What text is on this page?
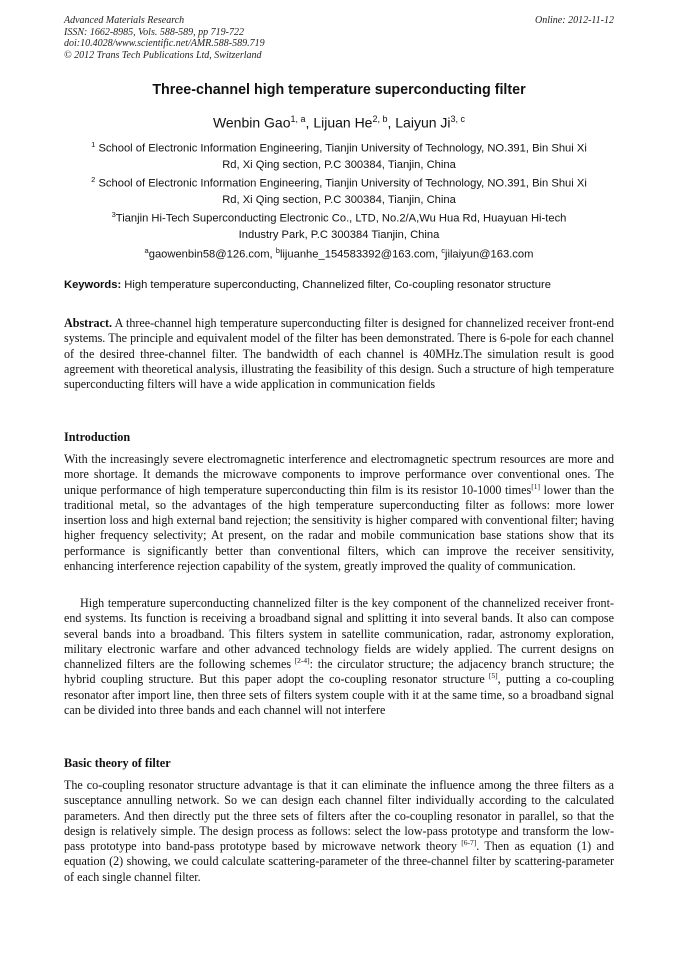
Advanced Materials Research
ISSN: 1662-8985, Vols. 588-589, pp 719-722
doi:10.4028/www.scientific.net/AMR.588-589.719
© 2012 Trans Tech Publications Ltd, Switzerland
Online: 2012-11-12
Three-channel high temperature superconducting filter
Wenbin Gao$^{1, a}$, Lijuan He$^{2, b}$, Laiyun Ji$^{3, c}$
$^1$ School of Electronic Information Engineering, Tianjin University of Technology, NO.391, Bin Shui Xi
Rd, Xi Qing section, P.C 300384, Tianjin, China
$^2$ School of Electronic Information Engineering, Tianjin University of Technology, NO.391, Bin Shui Xi
Rd, Xi Qing section, P.C 300384, Tianjin, China
$^3$Tianjin Hi-Tech Superconducting Electronic Co., LTD, No.2/A,Wu Hua Rd, Huayuan Hi-tech
Industry Park, P.C 300384 Tianjin, China
$^a$gaowenbin58@126.com, $^b$lijuanhe_154583392@163.com, $^c$jilaiyun@163.com
Keywords: High temperature superconducting, Channelized filter, Co-coupling resonator structure
Abstract. A three-channel high temperature superconducting filter is designed for channelized receiver front-end systems. The principle and equivalent model of the filter has been demonstrated. There is 6-pole for each channel of the desired three-channel filter. The bandwidth of each channel is 40MHz.The simulation result is good agreement with theoretical analysis, illustrating the feasibility of this design. Such a structure of high temperature superconducting filters will have a wide application in communication fields
Introduction
With the increasingly severe electromagnetic interference and electromagnetic spectrum resources are more and more shortage. It demands the microwave components to improve performance over conventional ones. The unique performance of high temperature superconducting thin film is its resistor 10-1000 times[1] lower than the traditional metal, so the advantages of the high temperature superconducting filter as follows: more lower insertion loss and high external band rejection; the sensitivity is higher compared with conventional filter; having higher frequency selectivity; At present, on the radar and mobile communication base stations show that its performance is significantly better than conventional filters, which can improve the receiver sensitivity, enhancing interference rejection capability of the system, greatly improved the quality of communication.
High temperature superconducting channelized filter is the key component of the channelized receiver front-end systems. Its function is receiving a broadband signal and splitting it into several bands. It also can compose several bands into a broadband. This filters system in satellite communication, radar, astronomy exploration, military electronic warfare and other advanced technology fields are widely applied. The current designs on channelized filters are the following schemes [2-4]: the circulator structure; the adjacency branch structure; the hybrid coupling structure. But this paper adopt the co-coupling resonator structure [5], putting a co-coupling resonator after import line, then three sets of filters system couple with it at the same time, so a broadband signal can be divided into three bands and each channel will not interfere
Basic theory of filter
The co-coupling resonator structure advantage is that it can eliminate the influence among the three filters as a susceptance annulling network. So we can design each channel filter individually according to the calculated parameters. And then directly put the three sets of filters after the co-coupling resonator in parallel, so that the design is relatively simple. The design process as follows: select the low-pass prototype and transform the low-pass prototype into band-pass prototype based by microwave network theory [6-7]. Then as equation (1) and equation (2) showing, we could calculate scattering-parameter of the three-channel filter by scattering-parameter of each single channel filter.
